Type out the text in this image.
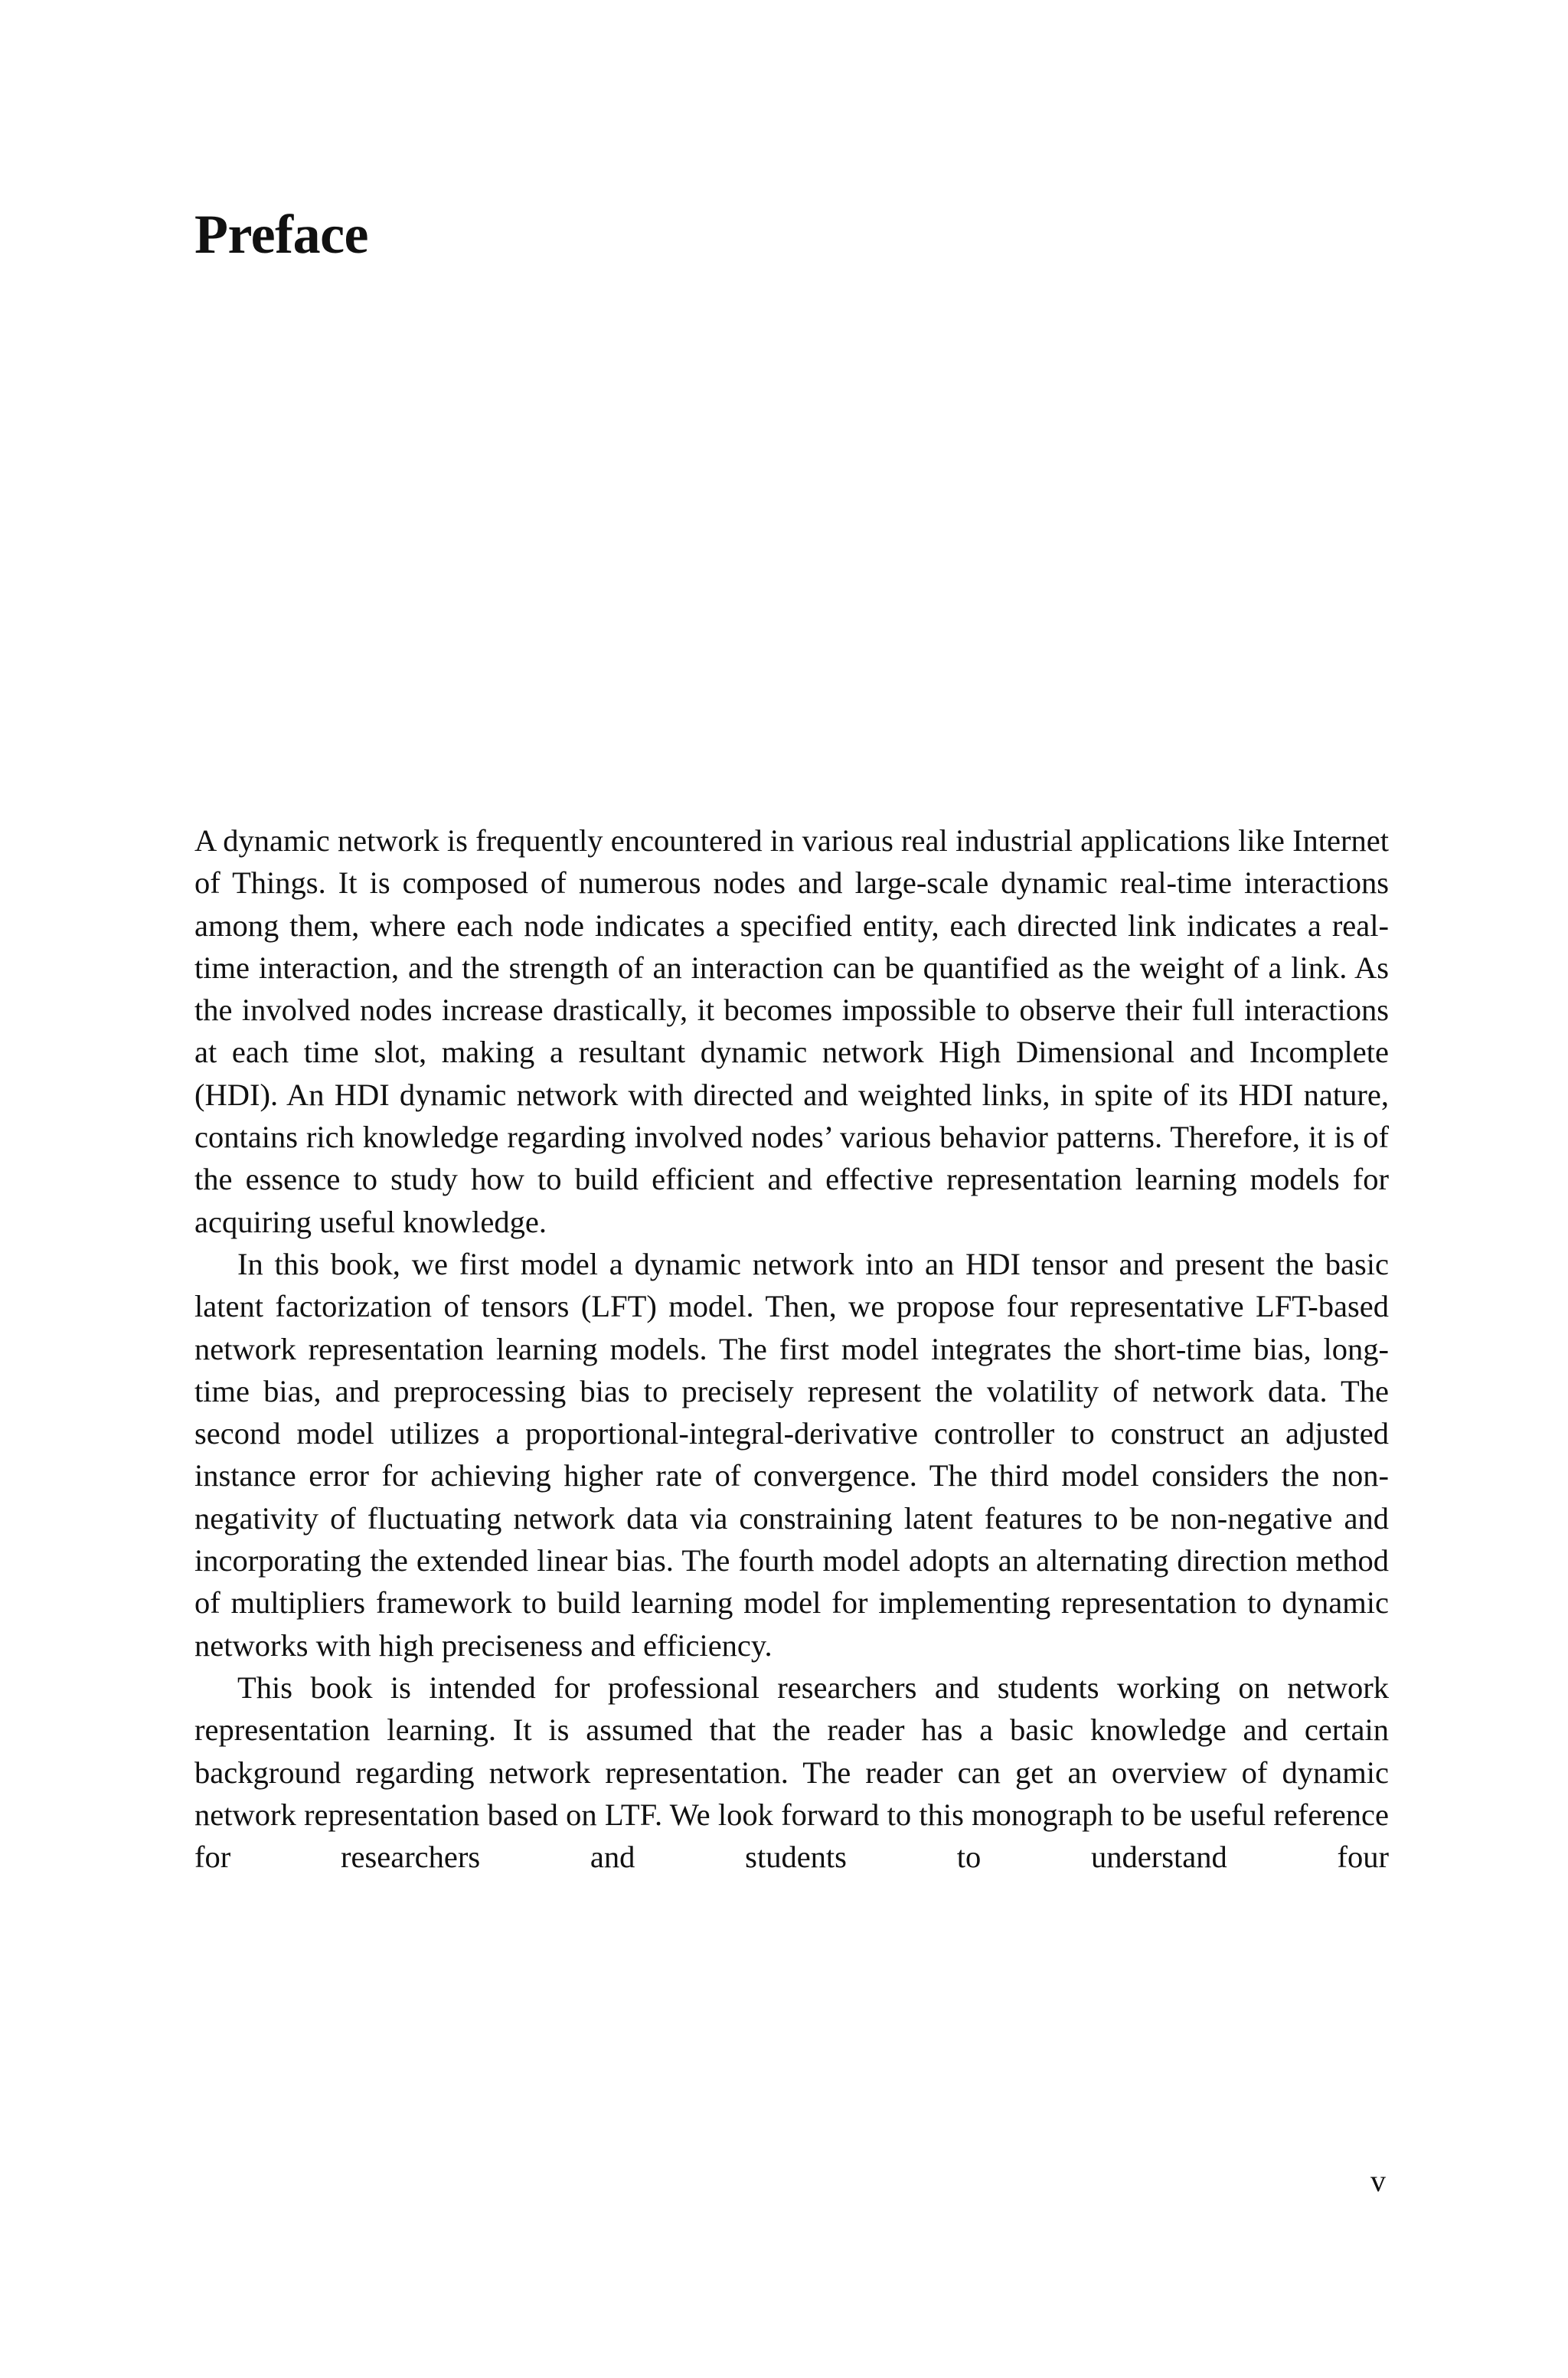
Preface

A dynamic network is frequently encountered in various real industrial applications like Internet of Things. It is composed of numerous nodes and large-scale dynamic real-time interactions among them, where each node indicates a specified entity, each directed link indicates a real-time interaction, and the strength of an interaction can be quantified as the weight of a link. As the involved nodes increase drastically, it becomes impossible to observe their full interactions at each time slot, making a resultant dynamic network High Dimensional and Incomplete (HDI). An HDI dynamic network with directed and weighted links, in spite of its HDI nature, contains rich knowledge regarding involved nodes’ various behavior patterns. Therefore, it is of the essence to study how to build efficient and effective representation learning models for acquiring useful knowledge.

In this book, we first model a dynamic network into an HDI tensor and present the basic latent factorization of tensors (LFT) model. Then, we propose four representative LFT-based network representation learning models. The first model integrates the short-time bias, long-time bias, and preprocessing bias to precisely represent the volatility of network data. The second model utilizes a proportional-integral-derivative controller to construct an adjusted instance error for achieving higher rate of convergence. The third model considers the non-negativity of fluctuating network data via constraining latent features to be non-negative and incorporating the extended linear bias. The fourth model adopts an alternating direction method of multipliers framework to build learning model for implementing representation to dynamic networks with high preciseness and efficiency.

This book is intended for professional researchers and students working on network representation learning. It is assumed that the reader has a basic knowledge and certain background regarding network representation. The reader can get an overview of dynamic network representation based on LTF. We look forward to this monograph to be useful reference for researchers and students to understand four

v
